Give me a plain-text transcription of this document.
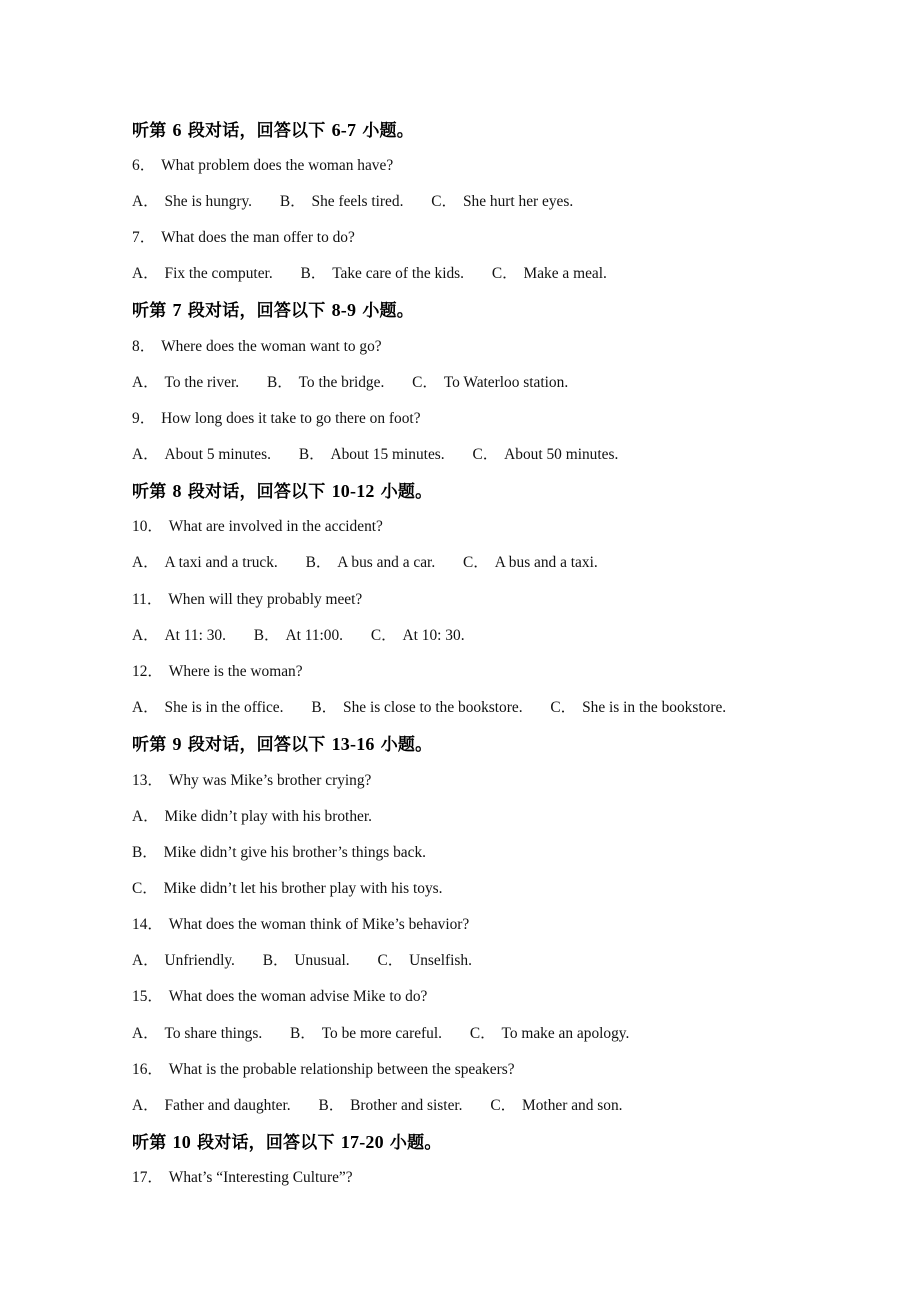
听第 6 段对话，回答以下 6-7 小题。
6． What problem does the woman have?
A． She is hungry. B． She feels tired. C． She hurt her eyes.
7． What does the man offer to do?
A． Fix the computer. B． Take care of the kids. C． Make a meal.
听第 7 段对话，回答以下 8-9 小题。
8． Where does the woman want to go?
A． To the river. B． To the bridge. C． To Waterloo station.
9． How long does it take to go there on foot?
A． About 5 minutes. B． About 15 minutes. C． About 50 minutes.
听第 8 段对话，回答以下 10-12 小题。
10． What are involved in the accident?
A． A taxi and a truck. B． A bus and a car. C． A bus and a taxi.
11． When will they probably meet?
A． At 11: 30. B． At 11:00. C． At 10: 30.
12． Where is the woman?
A． She is in the office. B． She is close to the bookstore. C． She is in the bookstore.
听第 9 段对话，回答以下 13-16 小题。
13． Why was Mike’s brother crying?
A． Mike didn’t play with his brother.
B． Mike didn’t give his brother’s things back.
C． Mike didn’t let his brother play with his toys.
14． What does the woman think of Mike’s behavior?
A． Unfriendly. B． Unusual. C． Unselfish.
15． What does the woman advise Mike to do?
A． To share things. B． To be more careful. C． To make an apology.
16． What is the probable relationship between the speakers?
A． Father and daughter. B． Brother and sister. C． Mother and son.
听第 10 段对话，回答以下 17-20 小题。
17． What’s “Interesting Culture”?
